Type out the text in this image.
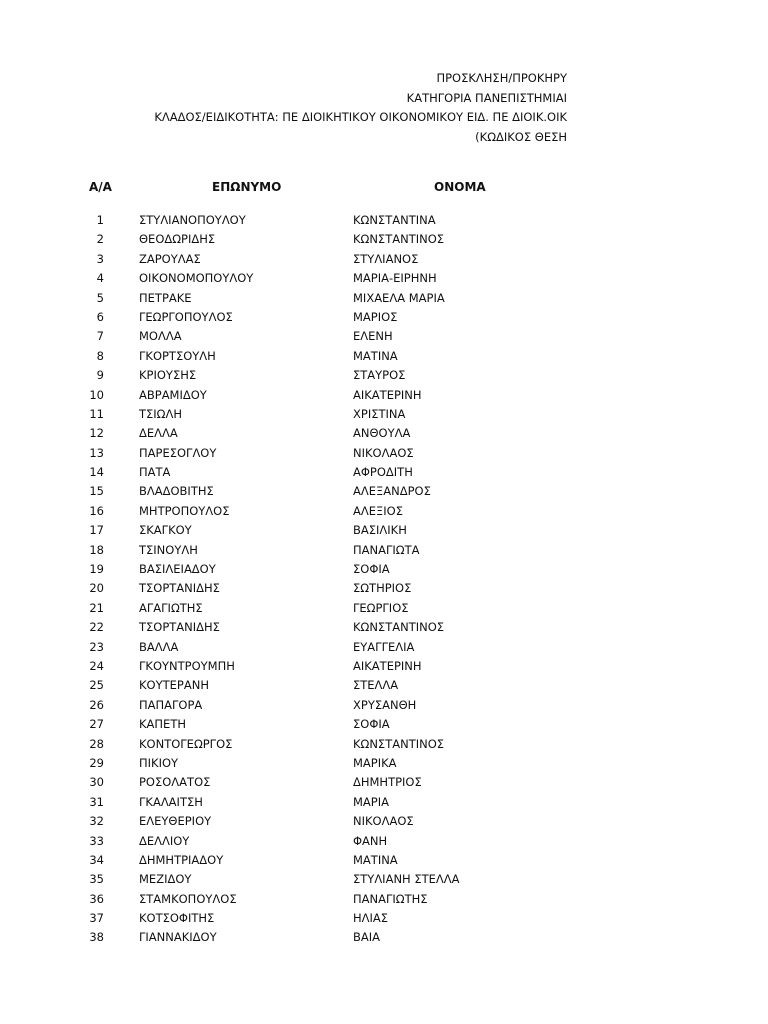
ΠΡΟΣΚΛΗΣΗ/ΠΡΟΚΗΡΥ
ΚΑΤΗΓΟΡΙΑ ΠΑΝΕΠΙΣΤΗΜΙΑΙ
ΚΛΑΔΟΣ/ΕΙΔΙΚΟΤΗΤΑ: ΠΕ ΔΙΟΙΚΗΤΙΚΟΥ ΟΙΚΟΝΟΜΙΚΟΥ ΕΙΔ. ΠΕ ΔΙΟΙΚ.ΟΙΚ
(ΚΩΔΙΚΟΣ ΘΕΣΗ
Α/Α	ΕΠΩΝΥΜΟ	ΟΝΟΜΑ
1	ΣΤΥΛΙΑΝΟΠΟΥΛΟΥ	ΚΩΝΣΤΑΝΤΙΝΑ
2	ΘΕΟΔΩΡΙΔΗΣ	ΚΩΝΣΤΑΝΤΙΝΟΣ
3	ΖΑΡΟΥΛΑΣ	ΣΤΥΛΙΑΝΟΣ
4	ΟΙΚΟΝΟΜΟΠΟΥΛΟΥ	ΜΑΡΙΑ-ΕΙΡΗΝΗ
5	ΠΕΤΡΑΚΕ	ΜΙΧΑΕΛΑ ΜΑΡΙΑ
6	ΓΕΩΡΓΟΠΟΥΛΟΣ	ΜΑΡΙΟΣ
7	ΜΟΛΛΑ	ΕΛΕΝΗ
8	ΓΚΟΡΤΣΟΥΛΗ	ΜΑΤΙΝΑ
9	ΚΡΙΟΥΣΗΣ	ΣΤΑΥΡΟΣ
10	ΑΒΡΑΜΙΔΟΥ	ΑΙΚΑΤΕΡΙΝΗ
11	ΤΣΙΩΛΗ	ΧΡΙΣΤΙΝΑ
12	ΔΕΛΛΑ	ΑΝΘΟΥΛΑ
13	ΠΑΡΕΣΟΓΛΟΥ	ΝΙΚΟΛΑΟΣ
14	ΠΑΤΑ	ΑΦΡΟΔΙΤΗ
15	ΒΛΑΔΟΒΙΤΗΣ	ΑΛΕΞΑΝΔΡΟΣ
16	ΜΗΤΡΟΠΟΥΛΟΣ	ΑΛΕΞΙΟΣ
17	ΣΚΑΓΚΟΥ	ΒΑΣΙΛΙΚΗ
18	ΤΣΙΝΟΥΛΗ	ΠΑΝΑΓΙΩΤΑ
19	ΒΑΣΙΛΕΙΑΔΟΥ	ΣΟΦΙΑ
20	ΤΣΟΡΤΑΝΙΔΗΣ	ΣΩΤΗΡΙΟΣ
21	ΑΓΑΓΙΩΤΗΣ	ΓΕΩΡΓΙΟΣ
22	ΤΣΟΡΤΑΝΙΔΗΣ	ΚΩΝΣΤΑΝΤΙΝΟΣ
23	ΒΑΛΛΑ	ΕΥΑΓΓΕΛΙΑ
24	ΓΚΟΥΝΤΡΟΥΜΠΗ	ΑΙΚΑΤΕΡΙΝΗ
25	ΚΟΥΤΕΡΑΝΗ	ΣΤΕΛΛΑ
26	ΠΑΠΑΓΟΡΑ	ΧΡΥΣΑΝΘΗ
27	ΚΑΠΕΤΗ	ΣΟΦΙΑ
28	ΚΟΝΤΟΓΕΩΡΓΟΣ	ΚΩΝΣΤΑΝΤΙΝΟΣ
29	ΠΙΚΙΟΥ	ΜΑΡΙΚΑ
30	ΡΟΣΟΛΑΤΟΣ	ΔΗΜΗΤΡΙΟΣ
31	ΓΚΑΛΑΙΤΣΗ	ΜΑΡΙΑ
32	ΕΛΕΥΘΕΡΙΟΥ	ΝΙΚΟΛΑΟΣ
33	ΔΕΛΛΙΟΥ	ΦΑΝΗ
34	ΔΗΜΗΤΡΙΑΔΟΥ	ΜΑΤΙΝΑ
35	ΜΕΖΙΔΟΥ	ΣΤΥΛΙΑΝΗ ΣΤΕΛΛΑ
36	ΣΤΑΜΚΟΠΟΥΛΟΣ	ΠΑΝΑΓΙΩΤΗΣ
37	ΚΟΤΣΟΦΙΤΗΣ	ΗΛΙΑΣ
38	ΓΙΑΝΝΑΚΙΔΟΥ	ΒΑΙΑ
